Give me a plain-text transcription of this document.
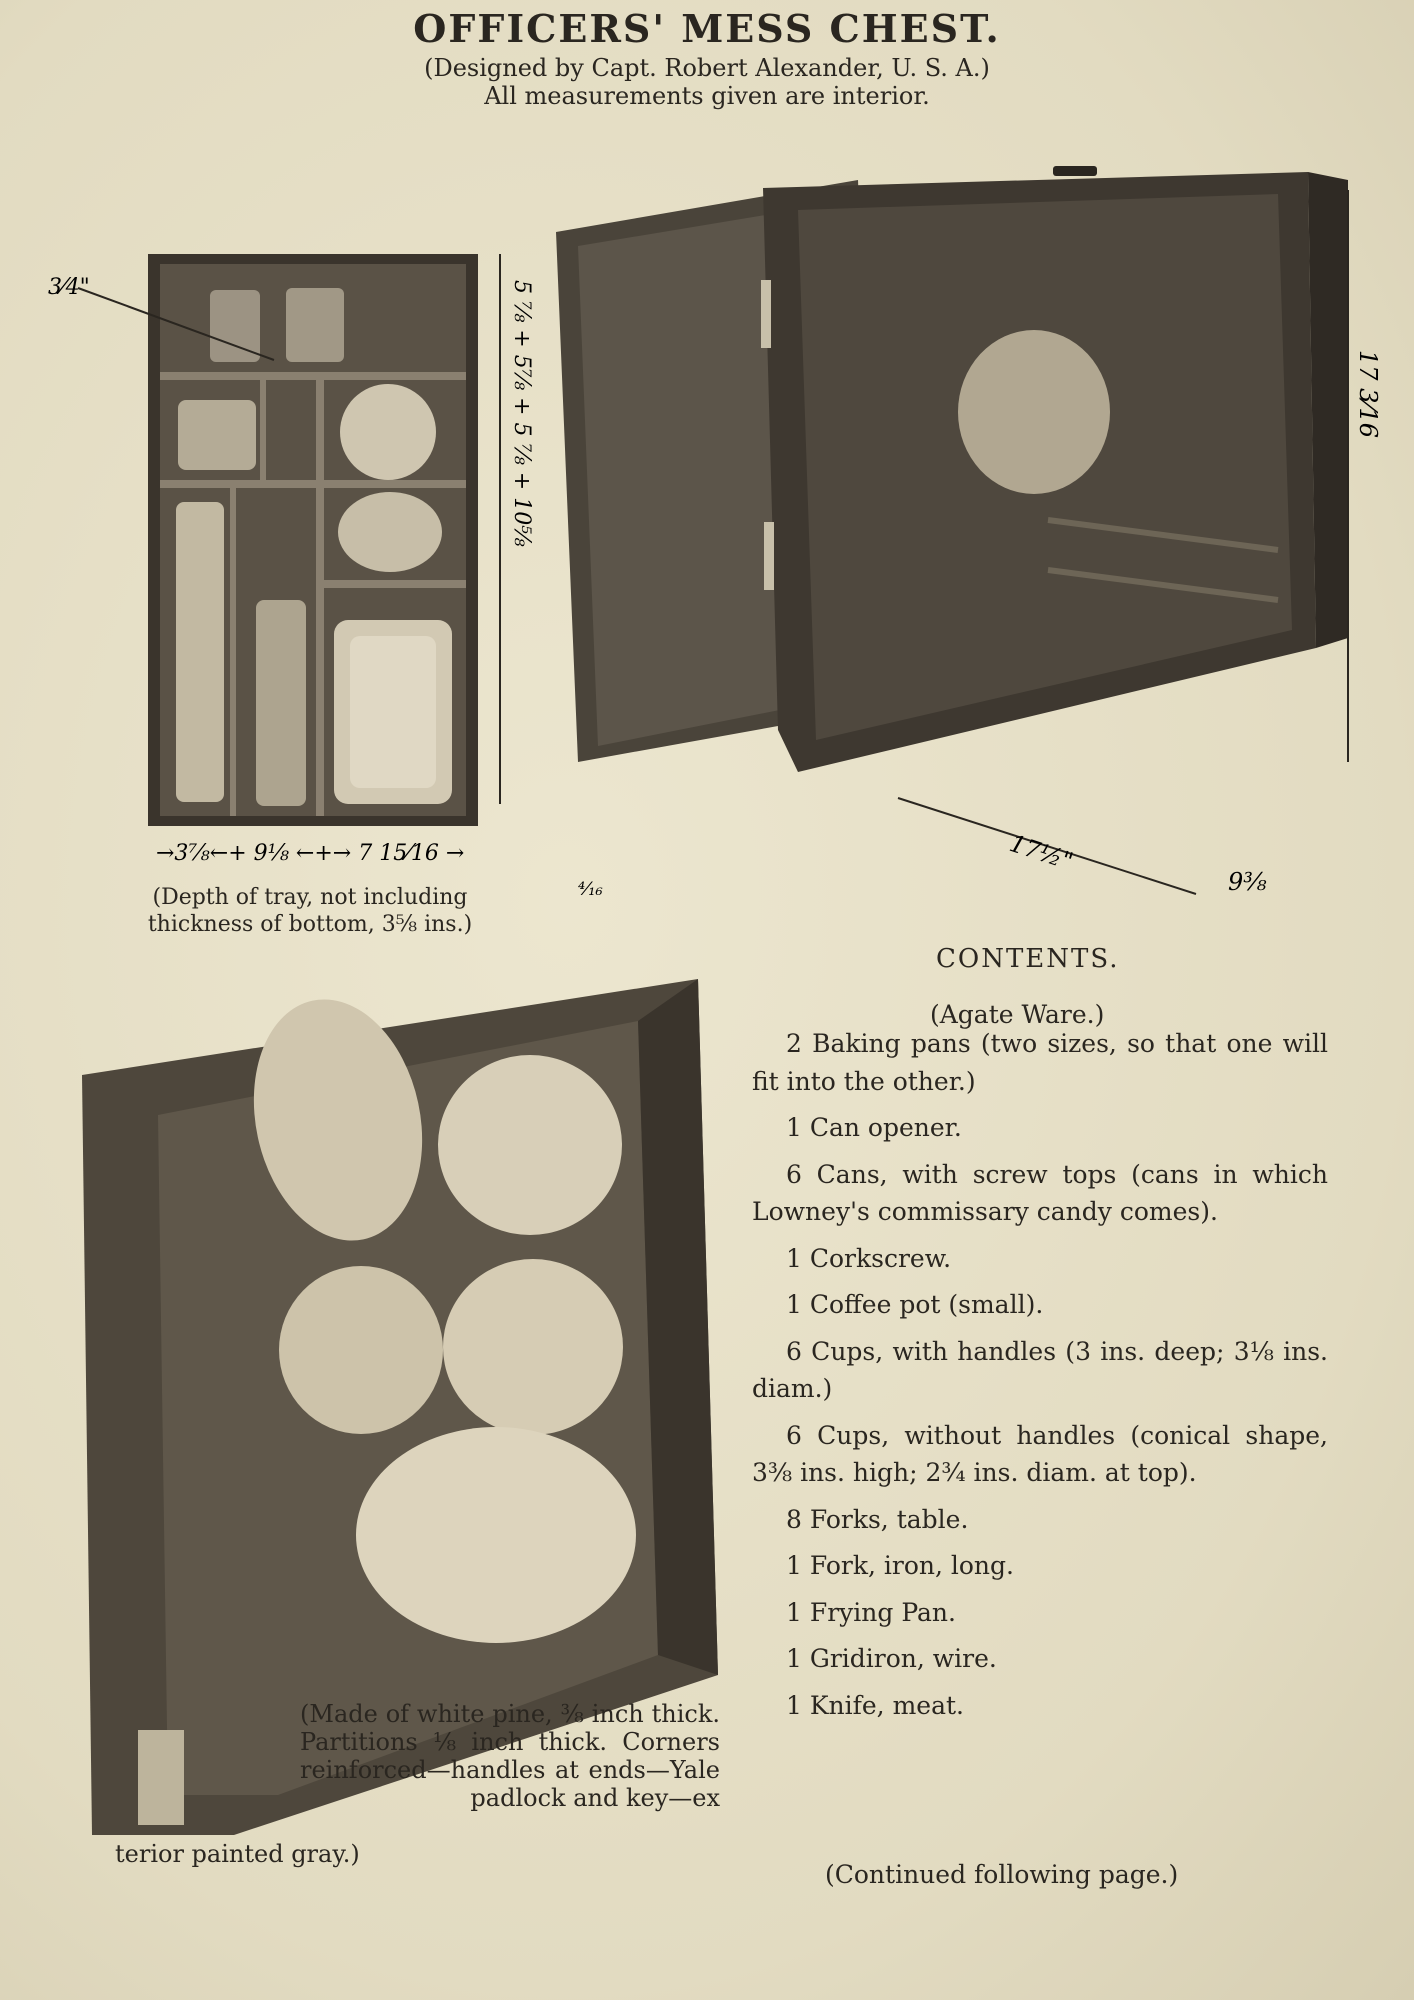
OFFICERS' MESS CHEST.
(Designed by Capt. Robert Alexander, U. S. A.)
All measurements given are interior.
3⁄4"	5 ⅞ + 5⅞ + 5 ⅞ + 10⅝
→3⅞←+ 9⅛ ←+→ 7 15⁄16 →
(Depth of tray, not including thickness of bottom, 3⅝ ins.)
17 3⁄16
17½"
9⅜
⁴⁄₁₆
(Made of white pine, ⅜ inch thick. Partitions ⅛ inch thick. Corners reinforced—handles at ends—Yale padlock and key—ex
terior painted gray.)
CONTENTS.
(Agate Ware.)
2 Baking pans (two sizes, so that one will fit into the other.)
1 Can opener.
6 Cans, with screw tops (cans in which Lowney's commissary candy comes).
1 Corkscrew.
1 Coffee pot (small).
6 Cups, with handles (3 ins. deep; 3⅛ ins. diam.)
6 Cups, without handles (conical shape, 3⅜ ins. high; 2¾ ins. diam. at top).
8 Forks, table.
1 Fork, iron, long.
1 Frying Pan.
1 Gridiron, wire.
1 Knife, meat.
(Continued following page.)
